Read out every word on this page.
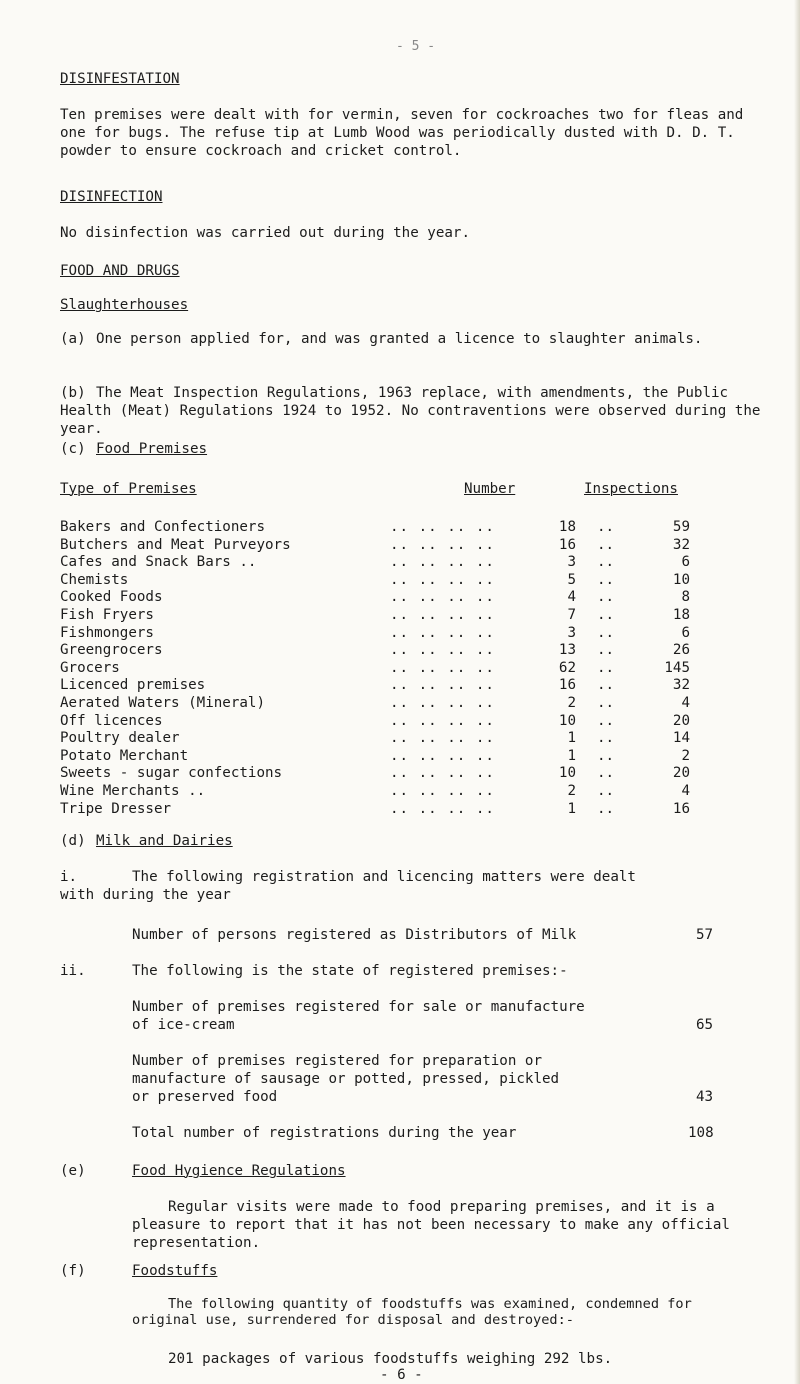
- 5 -
DISINFESTATION
Ten premises were dealt with for vermin, seven for cockroaches two for fleas and one for bugs. The refuse tip at Lumb Wood was periodically dusted with D. D. T. powder to ensure cockroach and cricket control.
DISINFECTION
No disinfection was carried out during the year.
FOOD AND DRUGS
Slaughterhouses
(a) One person applied for, and was granted a licence to slaughter animals.
(b) The Meat Inspection Regulations, 1963 replace, with amendments, the Public Health (Meat) Regulations 1924 to 1952. No contraventions were observed during the year.
(c) Food Premises
Type of Premises	Number	Inspections
Bakers and Confectioners	.. .. .. ..	18 ..	59
Butchers and Meat Purveyors	.. .. .. ..	16 ..	32
Cafes and Snack Bars ..	.. .. .. ..	3 ..	6
Chemists	.. .. .. ..	5 ..	10
Cooked Foods	.. .. .. ..	4 ..	8
Fish Fryers	.. .. .. ..	7 ..	18
Fishmongers	.. .. .. ..	3 ..	6
Greengrocers	.. .. .. ..	13 ..	26
Grocers	.. .. .. ..	62 ..	145
Licenced premises	.. .. .. ..	16 ..	32
Aerated Waters (Mineral)	.. .. .. ..	2 ..	4
Off licences	.. .. .. ..	10 ..	20
Poultry dealer	.. .. .. ..	1 ..	14
Potato Merchant	.. .. .. ..	1 ..	2
Sweets - sugar confections	.. .. .. ..	10 ..	20
Wine Merchants ..	.. .. .. ..	2 ..	4
Tripe Dresser	.. .. .. ..	1 ..	16
(d) Milk and Dairies
i.	The following registration and licencing matters were dealt
with during the year
Number of persons registered as Distributors of Milk	57
ii.	The following is the state of registered premises:-
Number of premises registered for sale or manufacture
of ice-cream	65
Number of premises registered for preparation or
manufacture of sausage or potted, pressed, pickled
or preserved food	43
Total number of registrations during the year	108
(e)	Food Hygience Regulations
Regular visits were made to food preparing premises, and it is a pleasure to report that it has not been necessary to make any official representation.
(f)	Foodstuffs
The following quantity of foodstuffs was examined, condemned for original use, surrendered for disposal and destroyed:-
201 packages of various foodstuffs weighing 292 lbs.
- 6 -
